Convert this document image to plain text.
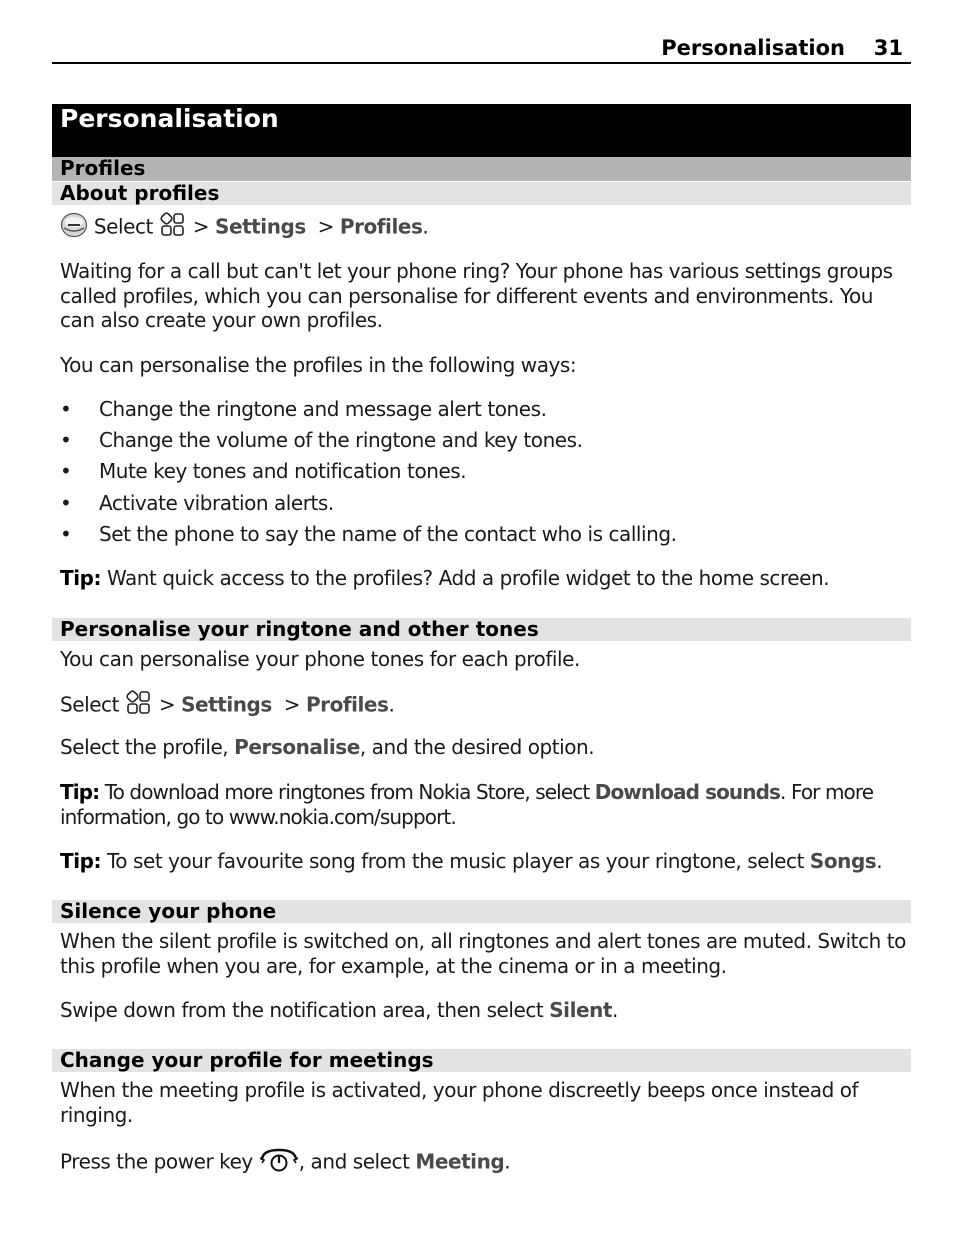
Personalisation 31
Personalisation
Profiles
About profiles
Select > Settings > Profiles.
Waiting for a call but can't let your phone ring? Your phone has various settings groups called profiles, which you can personalise for different events and environments. You can also create your own profiles.
You can personalise the profiles in the following ways:
• Change the ringtone and message alert tones.
• Change the volume of the ringtone and key tones.
• Mute key tones and notification tones.
• Activate vibration alerts.
• Set the phone to say the name of the contact who is calling.
Tip: Want quick access to the profiles? Add a profile widget to the home screen.
Personalise your ringtone and other tones
You can personalise your phone tones for each profile.
Select > Settings > Profiles.
Select the profile, Personalise, and the desired option.
Tip: To download more ringtones from Nokia Store, select Download sounds. For more information, go to www.nokia.com/support.
Tip: To set your favourite song from the music player as your ringtone, select Songs.
Silence your phone
When the silent profile is switched on, all ringtones and alert tones are muted. Switch to this profile when you are, for example, at the cinema or in a meeting.
Swipe down from the notification area, then select Silent.
Change your profile for meetings
When the meeting profile is activated, your phone discreetly beeps once instead of ringing.
Press the power key , and select Meeting.
